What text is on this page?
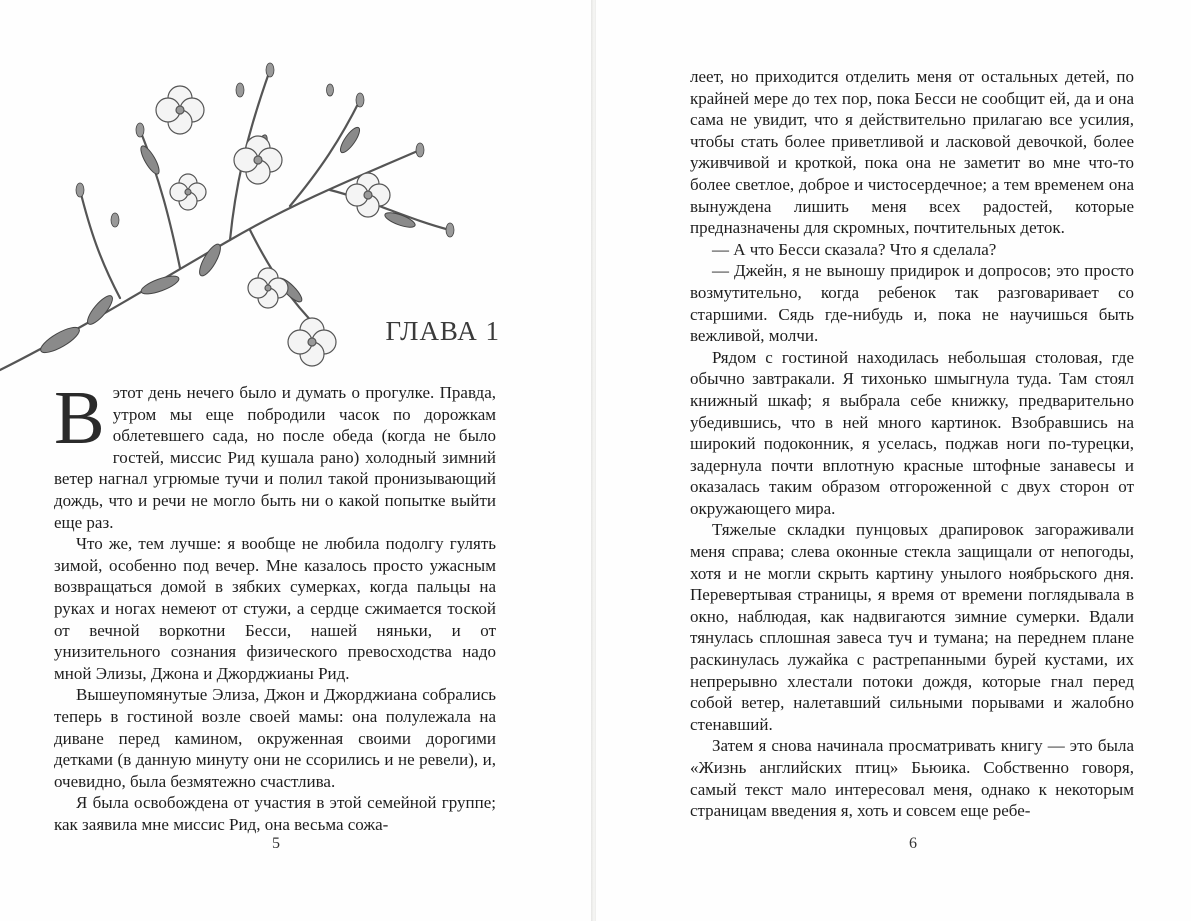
ГЛАВА 1

Вэтот день нечего было и думать о прогулке. Правда, утром мы еще побродили часок по дорожкам облетевшего сада, но после обеда (когда не было гостей, миссис Рид кушала рано) холодный зимний ветер нагнал угрюмые тучи и полил такой пронизывающий дождь, что и речи не могло быть ни о какой попытке выйти еще раз.

Что же, тем лучше: я вообще не любила подолгу гулять зимой, особенно под вечер. Мне казалось просто ужасным возвращаться домой в зябких сумерках, когда пальцы на руках и ногах немеют от стужи, а сердце сжимается тоской от вечной воркотни Бесси, нашей няньки, и от унизительного сознания физического превосходства надо мной Элизы, Джона и Джорджианы Рид.

Вышеупомянутые Элиза, Джон и Джорджиана собрались теперь в гостиной возле своей мамы: она полулежала на диване перед камином, окруженная своими дорогими детками (в данную минуту они не ссорились и не ревели), и, очевидно, была безмятежно счастлива.

Я была освобождена от участия в этой семейной группе; как заявила мне миссис Рид, она весьма сожа-

5	6

леет, но приходится отделить меня от остальных детей, по крайней мере до тех пор, пока Бесси не сообщит ей, да и она сама не увидит, что я действительно прилагаю все усилия, чтобы стать более приветливой и ласковой девочкой, более уживчивой и кроткой, пока она не заметит во мне что-то более светлое, доброе и чистосердечное; а тем временем она вынуждена лишить меня всех радостей, которые предназначены для скромных, почтительных деток.

— А что Бесси сказала? Что я сделала?

— Джейн, я не выношу придирок и допросов; это просто возмутительно, когда ребенок так разговаривает со старшими. Сядь где-нибудь и, пока не научишься быть вежливой, молчи.

Рядом с гостиной находилась небольшая столовая, где обычно завтракали. Я тихонько шмыгнула туда. Там стоял книжный шкаф; я выбрала себе книжку, предварительно убедившись, что в ней много картинок. Взобравшись на широкий подоконник, я уселась, поджав ноги по-турецки, задернула почти вплотную красные штофные занавесы и оказалась таким образом отгороженной с двух сторон от окружающего мира.

Тяжелые складки пунцовых драпировок загораживали меня справа; слева оконные стекла защищали от непогоды, хотя и не могли скрыть картину унылого ноябрьского дня. Перевертывая страницы, я время от времени поглядывала в окно, наблюдая, как надвигаются зимние сумерки. Вдали тянулась сплошная завеса туч и тумана; на переднем плане раскинулась лужайка с растрепанными бурей кустами, их непрерывно хлестали потоки дождя, которые гнал перед собой ветер, налетавший сильными порывами и жалобно стенавший.

Затем я снова начинала просматривать книгу — это была «Жизнь английских птиц» Бьюика. Собственно говоря, самый текст мало интересовал меня, однако к некоторым страницам введения я, хоть и совсем еще ребе-
